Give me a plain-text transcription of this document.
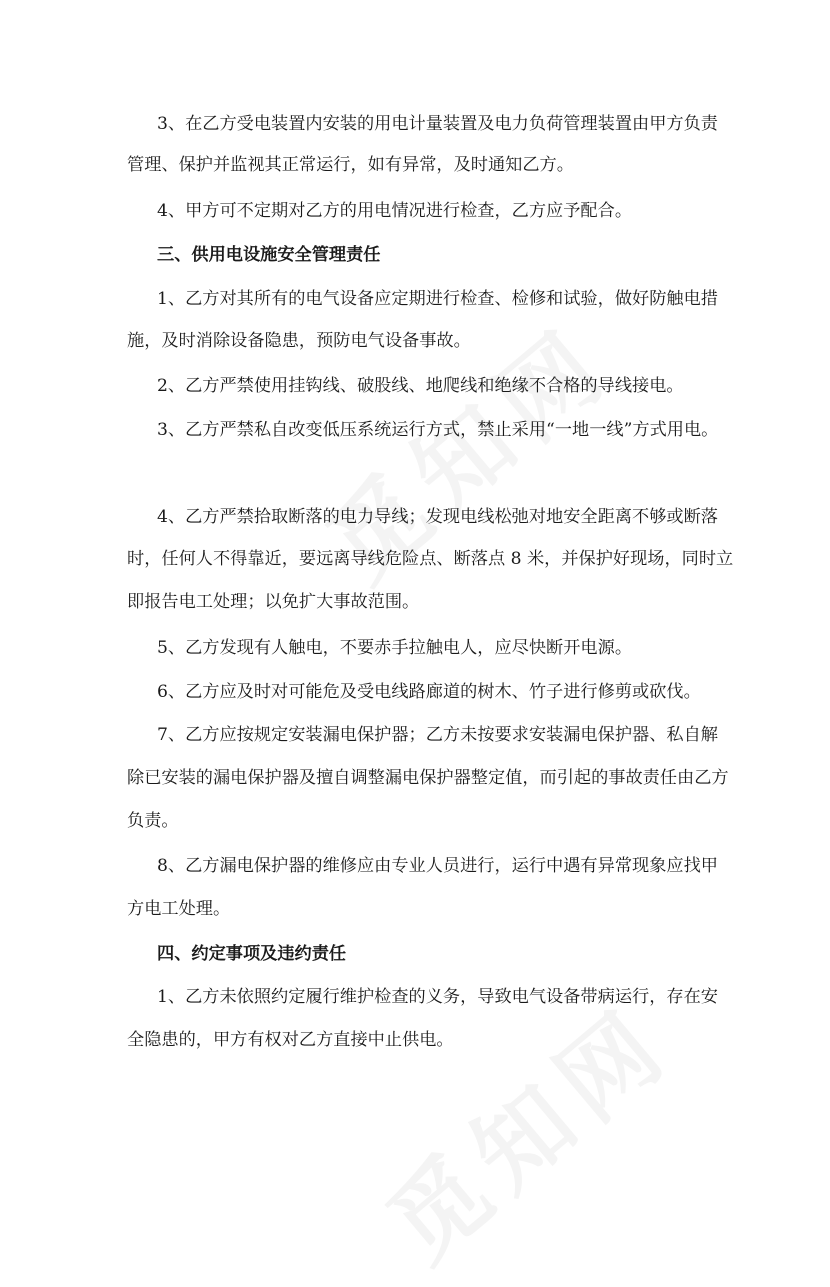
3、在乙方受电装置内安装的用电计量装置及电力负荷管理装置由甲方负责

管理、保护并监视其正常运行，如有异常，及时通知乙方。

4、甲方可不定期对乙方的用电情况进行检查，乙方应予配合。

三、供用电设施安全管理责任

1、乙方对其所有的电气设备应定期进行检查、检修和试验，做好防触电措

施，及时消除设备隐患，预防电气设备事故。

2、乙方严禁使用挂钩线、破股线、地爬线和绝缘不合格的导线接电。

3、乙方严禁私自改变低压系统运行方式，禁止采用“一地一线”方式用电。

4、乙方严禁拾取断落的电力导线；发现电线松弛对地安全距离不够或断落

时，任何人不得靠近，要远离导线危险点、断落点 8 米，并保护好现场，同时立

即报告电工处理；以免扩大事故范围。

5、乙方发现有人触电，不要赤手拉触电人，应尽快断开电源。

6、乙方应及时对可能危及受电线路廊道的树木、竹子进行修剪或砍伐。

7、乙方应按规定安装漏电保护器；乙方未按要求安装漏电保护器、私自解

除已安装的漏电保护器及擅自调整漏电保护器整定值，而引起的事故责任由乙方

负责。

8、乙方漏电保护器的维修应由专业人员进行，运行中遇有异常现象应找甲

方电工处理。

四、约定事项及违约责任

1、乙方未依照约定履行维护检查的义务，导致电气设备带病运行，存在安

全隐患的，甲方有权对乙方直接中止供电。
